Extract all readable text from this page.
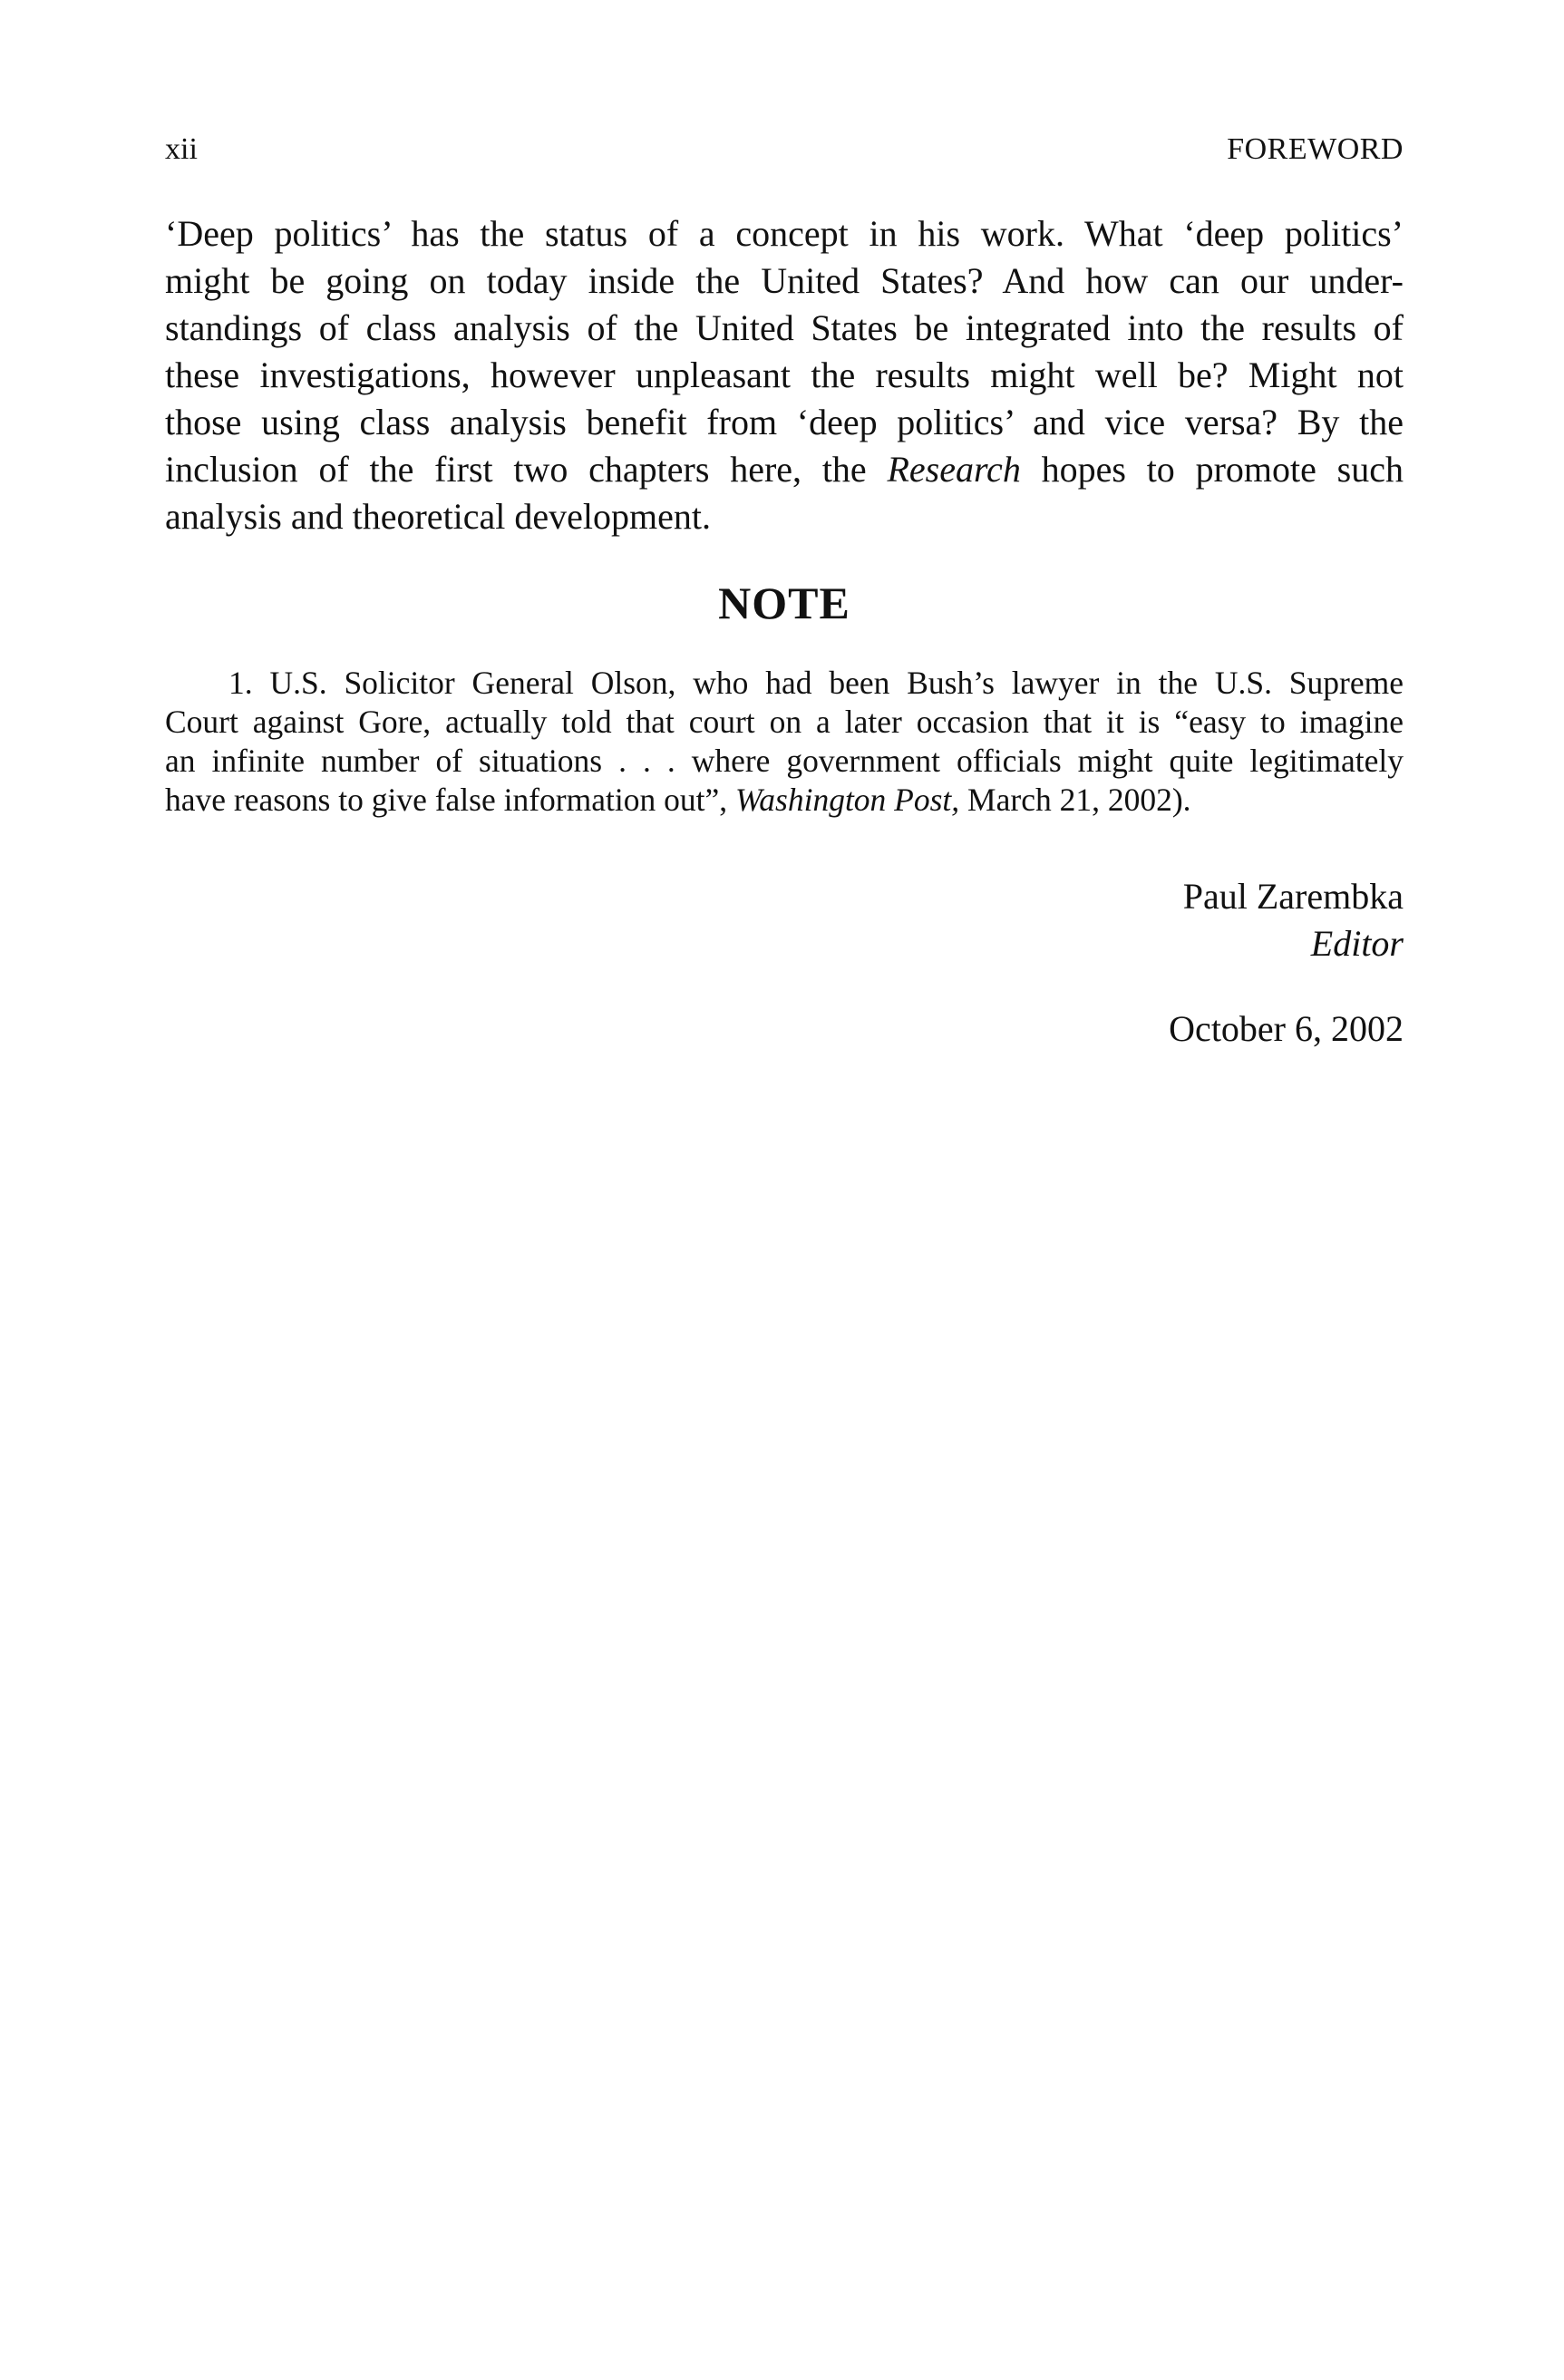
xii	FOREWORD
‘Deep politics’ has the status of a concept in his work. What ‘deep politics’
might be going on today inside the United States? And how can our under-
standings of class analysis of the United States be integrated into the results of
these investigations, however unpleasant the results might well be? Might not
those using class analysis benefit from ‘deep politics’ and vice versa? By the
inclusion of the first two chapters here, the Research hopes to promote such
analysis and theoretical development.
NOTE
1. U.S. Solicitor General Olson, who had been Bush’s lawyer in the U.S. Supreme
Court against Gore, actually told that court on a later occasion that it is “easy to imagine
an infinite number of situations . . . where government officials might quite legitimately
have reasons to give false information out”, Washington Post, March 21, 2002).
Paul Zarembka
Editor
October 6, 2002
